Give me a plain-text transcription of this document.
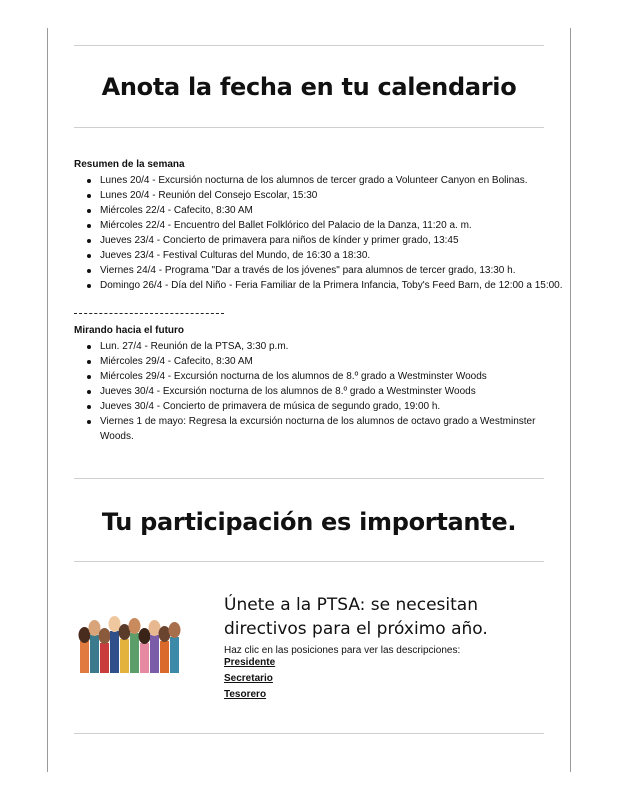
Anota la fecha en tu calendario
Resumen de la semana
Lunes 20/4 - Excursión nocturna de los alumnos de tercer grado a Volunteer Canyon en Bolinas.
Lunes 20/4 - Reunión del Consejo Escolar, 15:30
Miércoles 22/4 - Cafecito, 8:30 AM
Miércoles 22/4 - Encuentro del Ballet Folklórico del Palacio de la Danza, 11:20 a. m.
Jueves 23/4 - Concierto de primavera para niños de kínder y primer grado, 13:45
Jueves 23/4 - Festival Culturas del Mundo, de 16:30 a 18:30.
Viernes 24/4 - Programa "Dar a través de los jóvenes" para alumnos de tercer grado, 13:30 h.
Domingo 26/4 - Día del Niño - Feria Familiar de la Primera Infancia, Toby's Feed Barn, de 12:00 a 15:00.
Mirando hacia el futuro
Lun. 27/4 - Reunión de la PTSA, 3:30 p.m.
Miércoles 29/4 - Cafecito, 8:30 AM
Miércoles 29/4 - Excursión nocturna de los alumnos de 8.º grado a Westminster Woods
Jueves 30/4 - Excursión nocturna de los alumnos de 8.º grado a Westminster Woods
Jueves 30/4 - Concierto de primavera de música de segundo grado, 19:00 h.
Viernes 1 de mayo: Regresa la excursión nocturna de los alumnos de octavo grado a Westminster Woods.
Tu participación es importante.
Únete a la PTSA: se necesitan directivos para el próximo año.
Haz clic en las posiciones para ver las descripciones:
Presidente
Secretario
Tesorero
